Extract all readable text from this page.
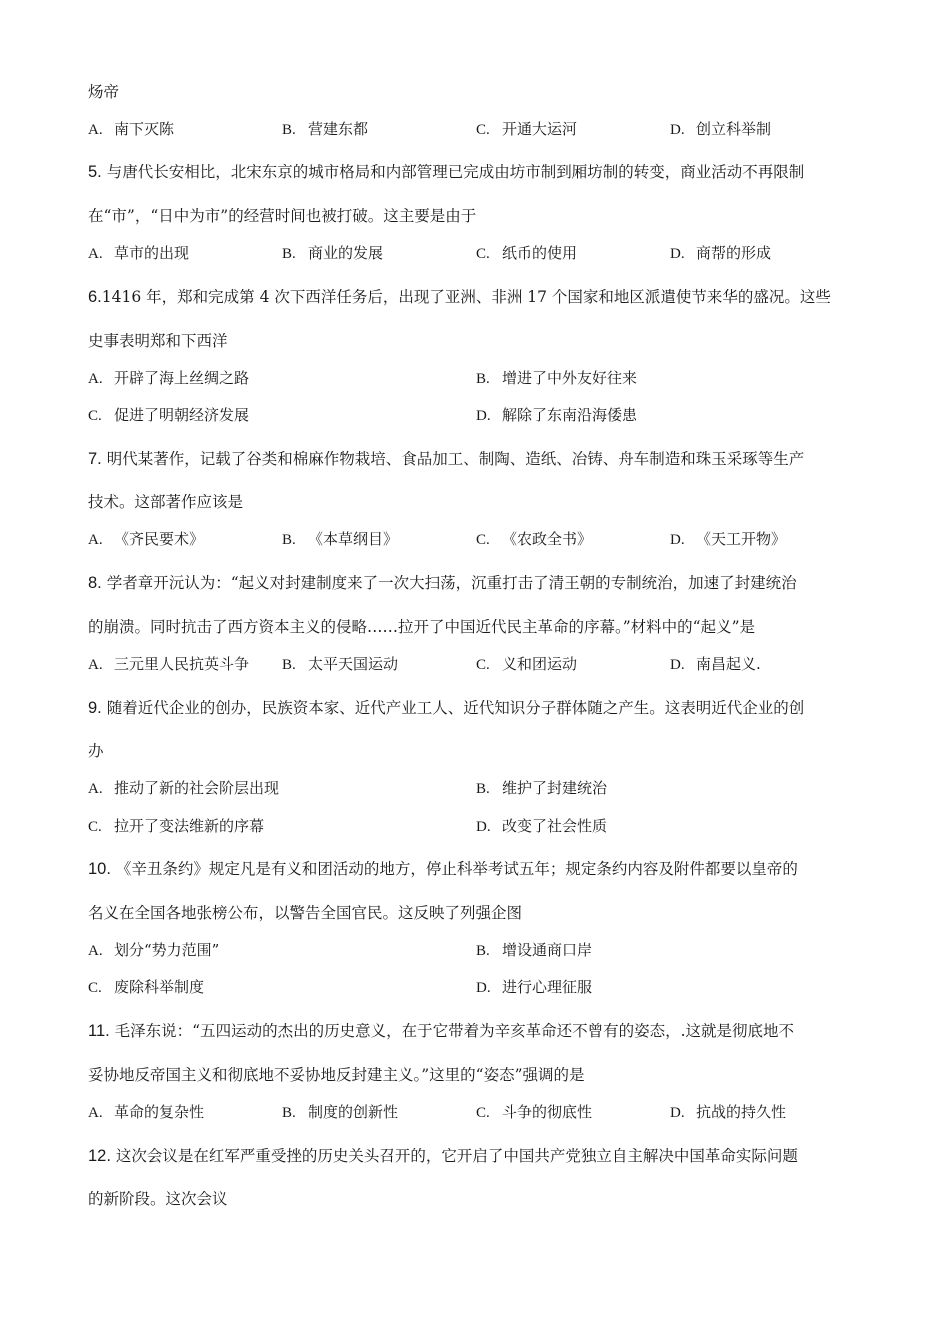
炀帝
A. 南下灭陈	B. 营建东都	C. 开通大运河	D. 创立科举制
5. 与唐代长安相比，北宋东京的城市格局和内部管理已完成由坊市制到厢坊制的转变，商业活动不再限制
在“市”，“日中为市”的经营时间也被打破。这主要是由于
A. 草市的出现	B. 商业的发展	C. 纸币的使用	D. 商帮的形成
6.1416 年，郑和完成第 4 次下西洋任务后，出现了亚洲、非洲 17 个国家和地区派遣使节来华的盛况。这些
史事表明郑和下西洋
A. 开辟了海上丝绸之路	B. 增进了中外友好往来
C. 促进了明朝经济发展	D. 解除了东南沿海倭患
7. 明代某著作，记载了谷类和棉麻作物栽培、食品加工、制陶、造纸、冶铸、舟车制造和珠玉采琢等生产
技术。这部著作应该是
A. 《齐民要术》	B. 《本草纲目》	C. 《农政全书》	D. 《天工开物》
8. 学者章开沅认为：“起义对封建制度来了一次大扫荡，沉重打击了清王朝的专制统治，加速了封建统治
的崩溃。同时抗击了西方资本主义的侵略……拉开了中国近代民主革命的序幕。”材料中的“起义”是
A. 三元里人民抗英斗争 B. 太平天国运动	C. 义和团运动	D. 南昌起义.
9. 随着近代企业的创办，民族资本家、近代产业工人、近代知识分子群体随之产生。这表明近代企业的创
办
A. 推动了新的社会阶层出现	B. 维护了封建统治
C. 拉开了变法维新的序幕	D. 改变了社会性质
10. 《辛丑条约》规定凡是有义和团活动的地方，停止科举考试五年；规定条约内容及附件都要以皇帝的
名义在全国各地张榜公布，以警告全国官民。这反映了列强企图
A. 划分“势力范围”	B. 增设通商口岸
C. 废除科举制度	D. 进行心理征服
11. 毛泽东说：“五四运动的杰出的历史意义，在于它带着为辛亥革命还不曾有的姿态，.这就是彻底地不
妥协地反帝国主义和彻底地不妥协地反封建主义。”这里的“姿态”强调的是
A. 革命的复杂性	B. 制度的创新性	C. 斗争的彻底性	D. 抗战的持久性
12. 这次会议是在红军严重受挫的历史关头召开的，它开启了中国共产党独立自主解决中国革命实际问题
的新阶段。这次会议
